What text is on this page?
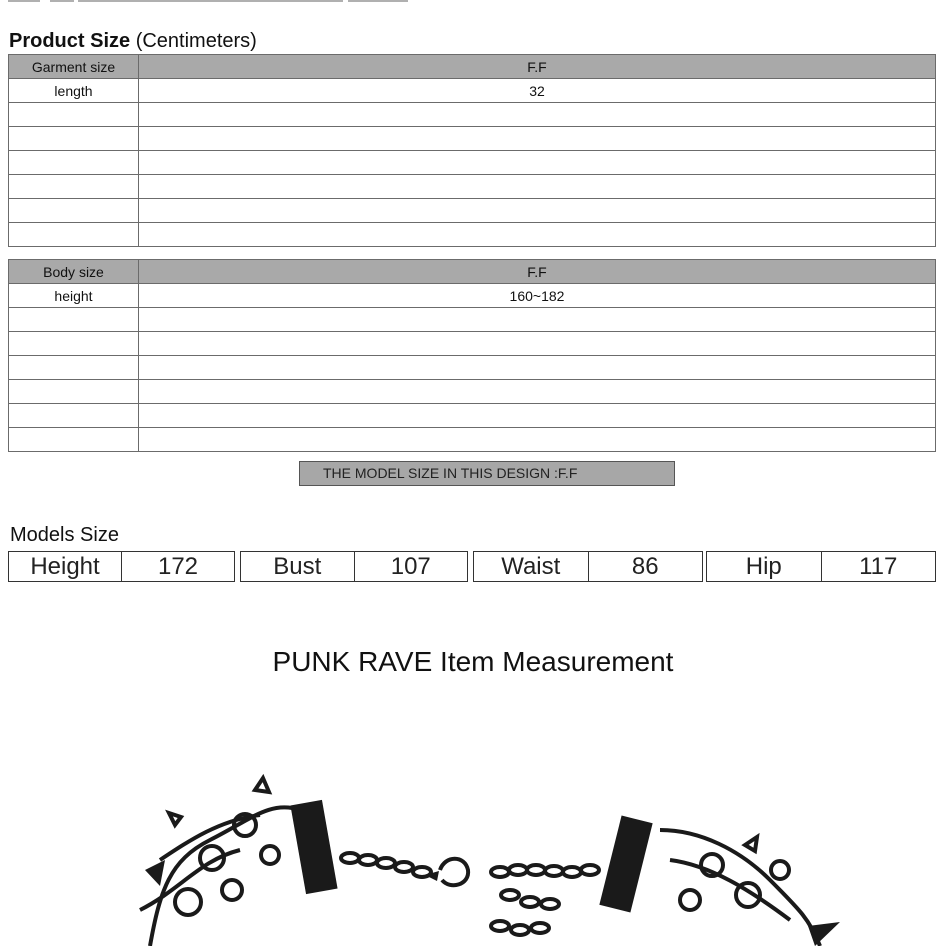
Product Size (Centimeters)
Garment size	F.F
length	32

Body size	F.F
height	160~182

THE MODEL SIZE IN THIS DESIGN :F.F
Models Size
Height	172	Bust	107	Waist	86	Hip	117
PUNK RAVE Item Measurement
